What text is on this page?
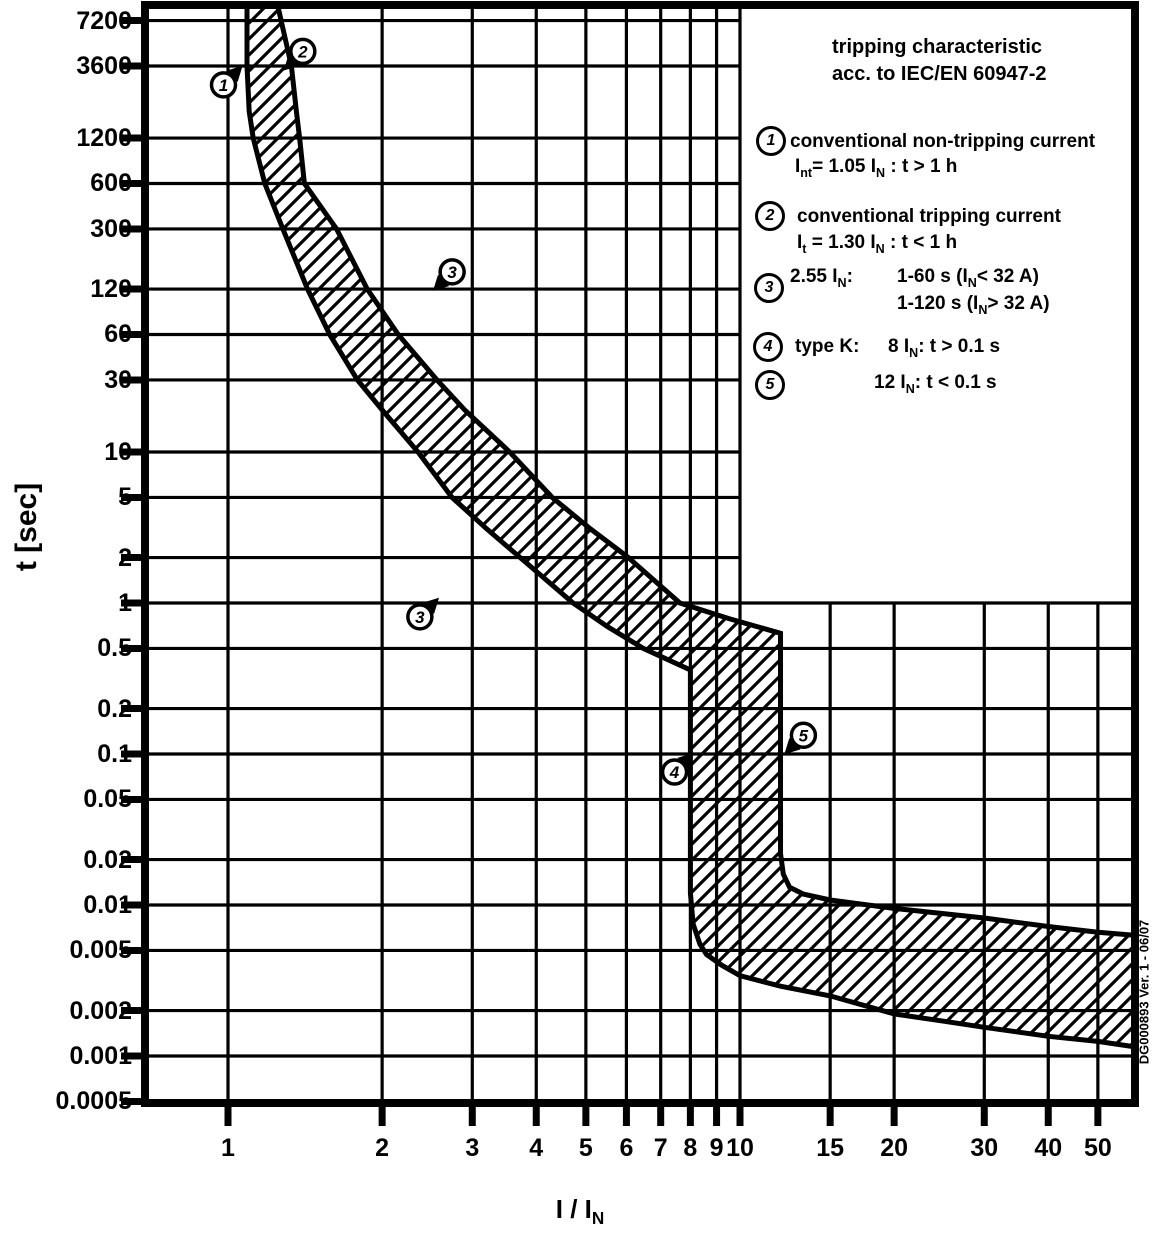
1
2
3
3
4
5
tripping characteristic
acc. to IEC/EN 60947-2
1 conventional non-tripping current
$I_{nt}= 1.05$ $I_N$ : t > 1 h
2	conventional tripping current
$I_t = 1.30$ $I_N$ : t < 1 h
3
2.55 $I_N$: 1-60 s ($I_N< 32$ A)
1-120 s ($I_N> 32$ A)
4	type K: 8 $I_N$: t > 0.1 s
5	12 $I_N$: t < 0.1 s
t [sec]
I / $I_N$
DG000893 Ver. 1 - 06/07
7200
3600
1200
600
300
120
60
30
10
5
2
1
0.5
0.2
0.1
0.05
0.02
0.01
0.005
0.002
0.001
0.0005
1	2	3	4	5	6 7 8 9 10	15	20	30	40 50
